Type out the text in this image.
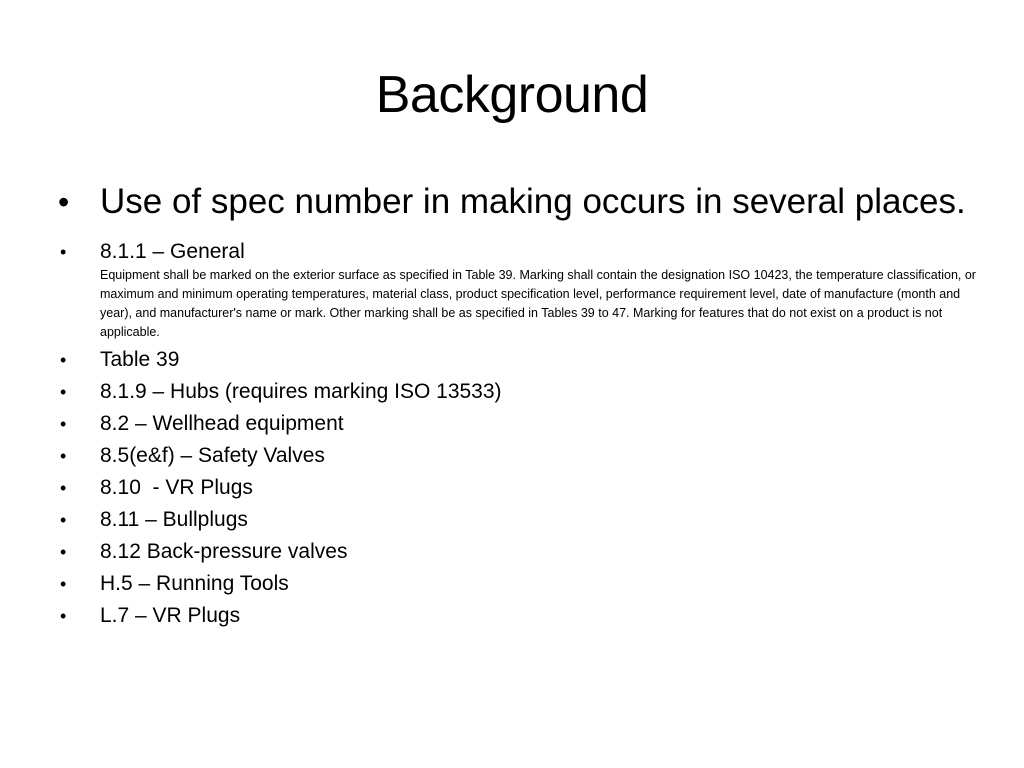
Background
• Use of spec number in making occurs in several places.
• 8.1.1 – General
Equipment shall be marked on the exterior surface as specified in Table 39. Marking shall contain the designation ISO 10423, the temperature classification, or maximum and minimum operating temperatures, material class, product specification level, performance requirement level, date of manufacture (month and year), and manufacturer's name or mark. Other marking shall be as specified in Tables 39 to 47. Marking for features that do not exist on a product is not applicable.
• Table 39
• 8.1.9 – Hubs (requires marking ISO 13533)
• 8.2 – Wellhead equipment
• 8.5(e&f) – Safety Valves
• 8.10  - VR Plugs
• 8.11 – Bullplugs
• 8.12 Back-pressure valves
• H.5 – Running Tools
• L.7 – VR Plugs
